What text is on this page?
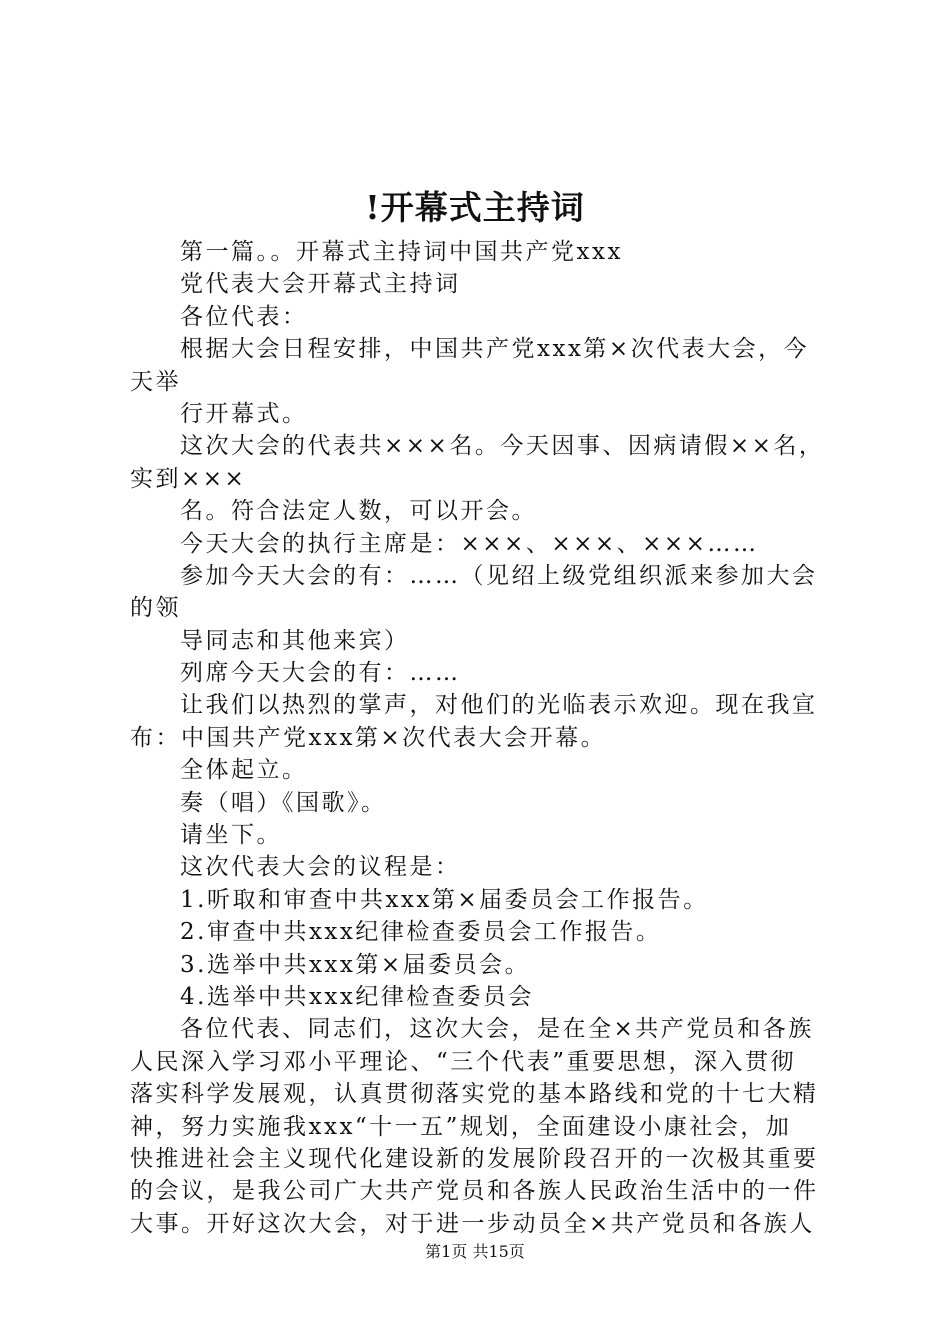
!开幕式主持词
第一篇。。开幕式主持词中国共产党xxx
党代表大会开幕式主持词
各位代表：
根据大会日程安排，中国共产党xxx第×次代表大会，今
天举
行开幕式。
这次大会的代表共×××名。今天因事、因病请假××名，
实到×××
名。符合法定人数，可以开会。
今天大会的执行主席是：×××、×××、×××……
参加今天大会的有：……（见绍上级党组织派来参加大会
的领
导同志和其他来宾）
列席今天大会的有：……
让我们以热烈的掌声，对他们的光临表示欢迎。现在我宣
布：中国共产党xxx第×次代表大会开幕。
全体起立。
奏（唱）《国歌》。
请坐下。
这次代表大会的议程是：
1.听取和审查中共xxx第×届委员会工作报告。
2.审查中共xxx纪律检查委员会工作报告。
3.选举中共xxx第×届委员会。
4.选举中共xxx纪律检查委员会
各位代表、同志们，这次大会，是在全×共产党员和各族
人民深入学习邓小平理论、“三个代表”重要思想，深入贯彻
落实科学发展观，认真贯彻落实党的基本路线和党的十七大精
神，努力实施我xxx“十一五”规划，全面建设小康社会，加
快推进社会主义现代化建设新的发展阶段召开的一次极其重要
的会议，是我公司广大共产党员和各族人民政治生活中的一件
大事。开好这次大会，对于进一步动员全×共产党员和各族人
第1页 共15页
